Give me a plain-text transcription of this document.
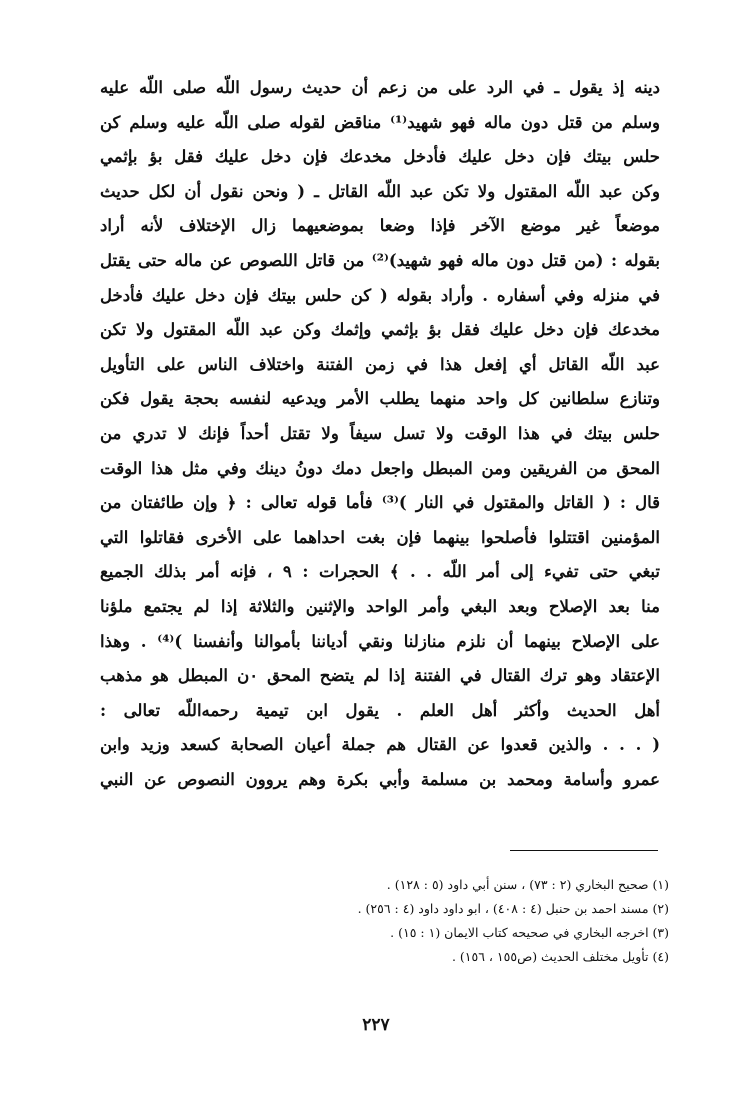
دينه إذ يقول ـ في الرد على من زعم أن حديث رسول اللّه صلى اللّه عليه
وسلم من قتل دون ماله فهو شهيد⁽¹⁾ مناقض لقوله صلى اللّه عليه وسلم كن
حلس بيتك فإن دخل عليك فأدخل مخدعك فإن دخل عليك فقل بؤ بإثمي
وكن عبد اللّه المقتول ولا تكن عبد اللّه القاتل ـ ( ونحن نقول أن لكل حديث
موضعاً غير موضع الآخر فإذا وضعا بموضعيهما زال الإختلاف لأنه أراد
بقوله : (من قتل دون ماله فهو شهيد)⁽²⁾ من قاتل اللصوص عن ماله حتى يقتل
في منزله وفي أسفاره . وأراد بقوله ( كن حلس بيتك فإن دخل عليك فأدخل
مخدعك فإن دخل عليك فقل بؤ بإثمي وإثمك وكن عبد اللّه المقتول ولا تكن
عبد اللّه القاتل أي إفعل هذا في زمن الفتنة واختلاف الناس على التأويل
وتنازع سلطانين كل واحد منهما يطلب الأمر ويدعيه لنفسه بحجة يقول فكن
حلس بيتك في هذا الوقت ولا تسل سيفاً ولا تقتل أحداً فإنك لا تدري من
المحق من الفريقين ومن المبطل واجعل دمك دونُ دينك وفي مثل هذا الوقت
قال : ( القاتل والمقتول في النار )⁽³⁾ فأما قوله تعالى : ﴿ وإن طائفتان من
المؤمنين اقتتلوا فأصلحوا بينهما فإن بغت احداهما على الأخرى فقاتلوا التي
تبغي حتى تفيء إلى أمر اللّه . . ﴾ الحجرات : ٩ ، فإنه أمر بذلك الجميع
منا بعد الإصلاح وبعد البغي وأمر الواحد والإثنين والثلاثة إذا لم يجتمع ملؤنا
على الإصلاح بينهما أن نلزم منازلنا ونقي أدياننا بأموالنا وأنفسنا )⁽⁴⁾ . وهذا
الإعتقاد وهو ترك القتال في الفتنة إذا لم يتضح المحق ٠ن المبطل هو مذهب
أهل الحديث وأكثر أهل العلم . يقول ابن تيمية رحمه‌اللّه تعالى :
( . . . والذين قعدوا عن القتال هم جملة أعيان الصحابة كسعد وزيد وابن
عمرو وأسامة ومحمد بن مسلمة وأبي بكرة وهم يروون النصوص عن النبي
(١) صحيح البخاري (٢ : ٧٣) ، سنن أبي داود (٥ : ١٢٨) .
(٢) مسند احمد بن حنبل (٤ : ٤٠٨) ، ابو داود داود (٤ : ٢٥٦) .
(٣) اخرجه البخاري في صحيحه كتاب الايمان (١ : ١٥) .
(٤) تأويل مختلف الحديث (ص١٥٥ ، ١٥٦) .
٢٢٧
